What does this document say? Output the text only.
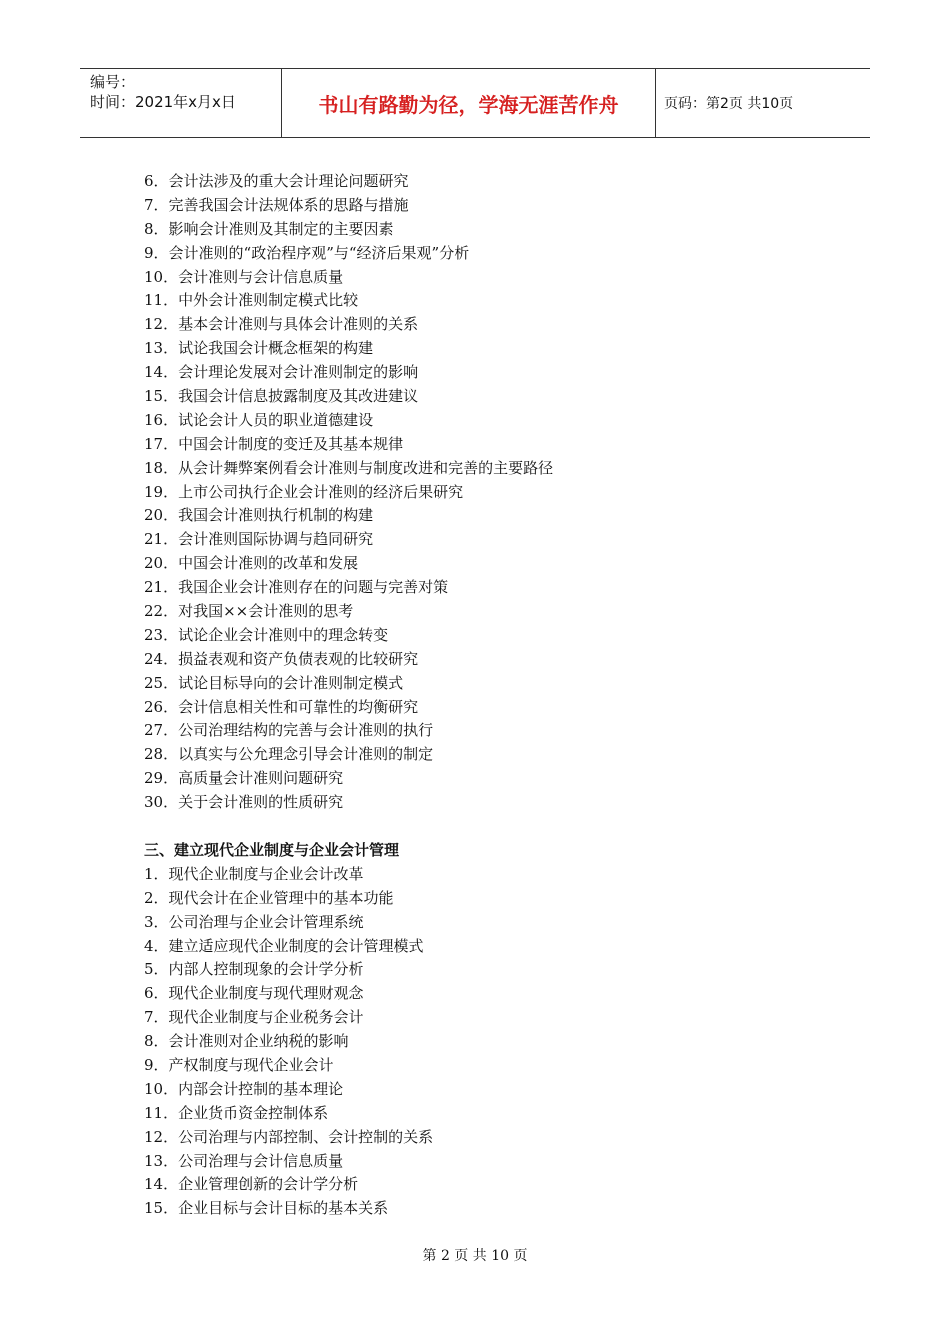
编号：
时间：2021年x月x日	书山有路勤为径，学海无涯苦作舟	页码：第2页 共10页
6．会计法涉及的重大会计理论问题研究
7．完善我国会计法规体系的思路与措施
8．影响会计准则及其制定的主要因素
9．会计准则的“政治程序观”与“经济后果观”分析
10．会计准则与会计信息质量
11．中外会计准则制定模式比较
12．基本会计准则与具体会计准则的关系
13．试论我国会计概念框架的构建
14．会计理论发展对会计准则制定的影响
15．我国会计信息披露制度及其改进建议
16．试论会计人员的职业道德建设
17．中国会计制度的变迁及其基本规律
18．从会计舞弊案例看会计准则与制度改进和完善的主要路径
19．上市公司执行企业会计准则的经济后果研究
20．我国会计准则执行机制的构建
21．会计准则国际协调与趋同研究
20．中国会计准则的改革和发展
21．我国企业会计准则存在的问题与完善对策
22．对我国××会计准则的思考
23．试论企业会计准则中的理念转变
24．损益表观和资产负债表观的比较研究
25．试论目标导向的会计准则制定模式
26．会计信息相关性和可靠性的均衡研究
27．公司治理结构的完善与会计准则的执行
28．以真实与公允理念引导会计准则的制定
29．高质量会计准则问题研究
30．关于会计准则的性质研究
三、建立现代企业制度与企业会计管理
1．现代企业制度与企业会计改革
2．现代会计在企业管理中的基本功能
3．公司治理与企业会计管理系统
4．建立适应现代企业制度的会计管理模式
5．内部人控制现象的会计学分析
6．现代企业制度与现代理财观念
7．现代企业制度与企业税务会计
8．会计准则对企业纳税的影响
9．产权制度与现代企业会计
10．内部会计控制的基本理论
11．企业货币资金控制体系
12．公司治理与内部控制、会计控制的关系
13．公司治理与会计信息质量
14．企业管理创新的会计学分析
15．企业目标与会计目标的基本关系
第 2 页 共 10 页
